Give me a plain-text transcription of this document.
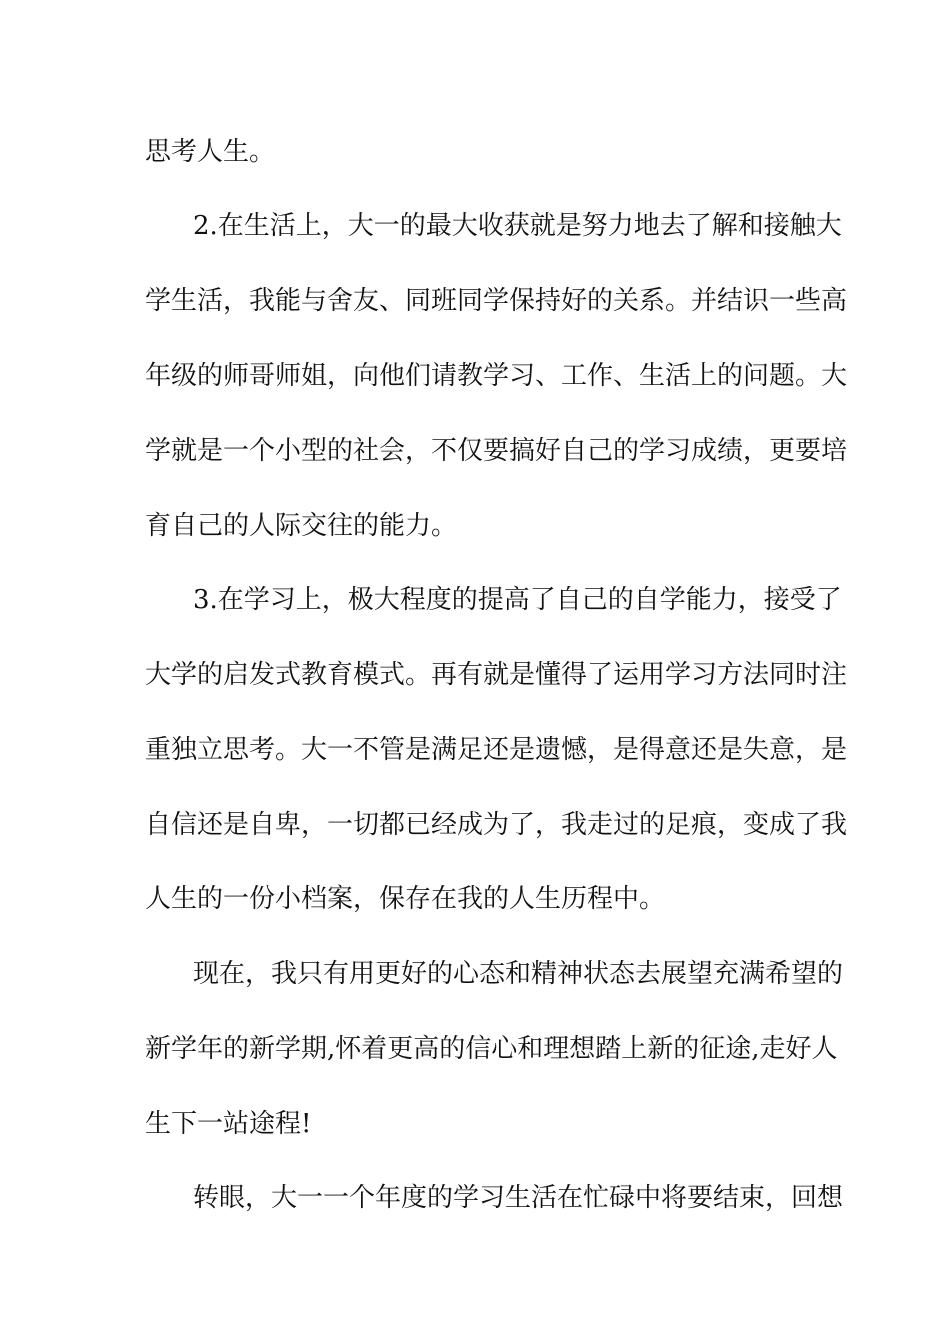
思考人生。
2.在生活上，大一的最大收获就是努力地去了解和接触大
学生活，我能与舍友、同班同学保持好的关系。并结识一些高
年级的师哥师姐，向他们请教学习、工作、生活上的问题。大
学就是一个小型的社会，不仅要搞好自己的学习成绩，更要培
育自己的人际交往的能力。
3.在学习上，极大程度的提高了自己的自学能力，接受了
大学的启发式教育模式。再有就是懂得了运用学习方法同时注
重独立思考。大一不管是满足还是遗憾，是得意还是失意，是
自信还是自卑，一切都已经成为了，我走过的足痕，变成了我
人生的一份小档案，保存在我的人生历程中。
现在，我只有用更好的心态和精神状态去展望充满希望的
新学年的新学期,怀着更高的信心和理想踏上新的征途,走好人
生下一站途程!
转眼，大一一个年度的学习生活在忙碌中将要结束，回想
